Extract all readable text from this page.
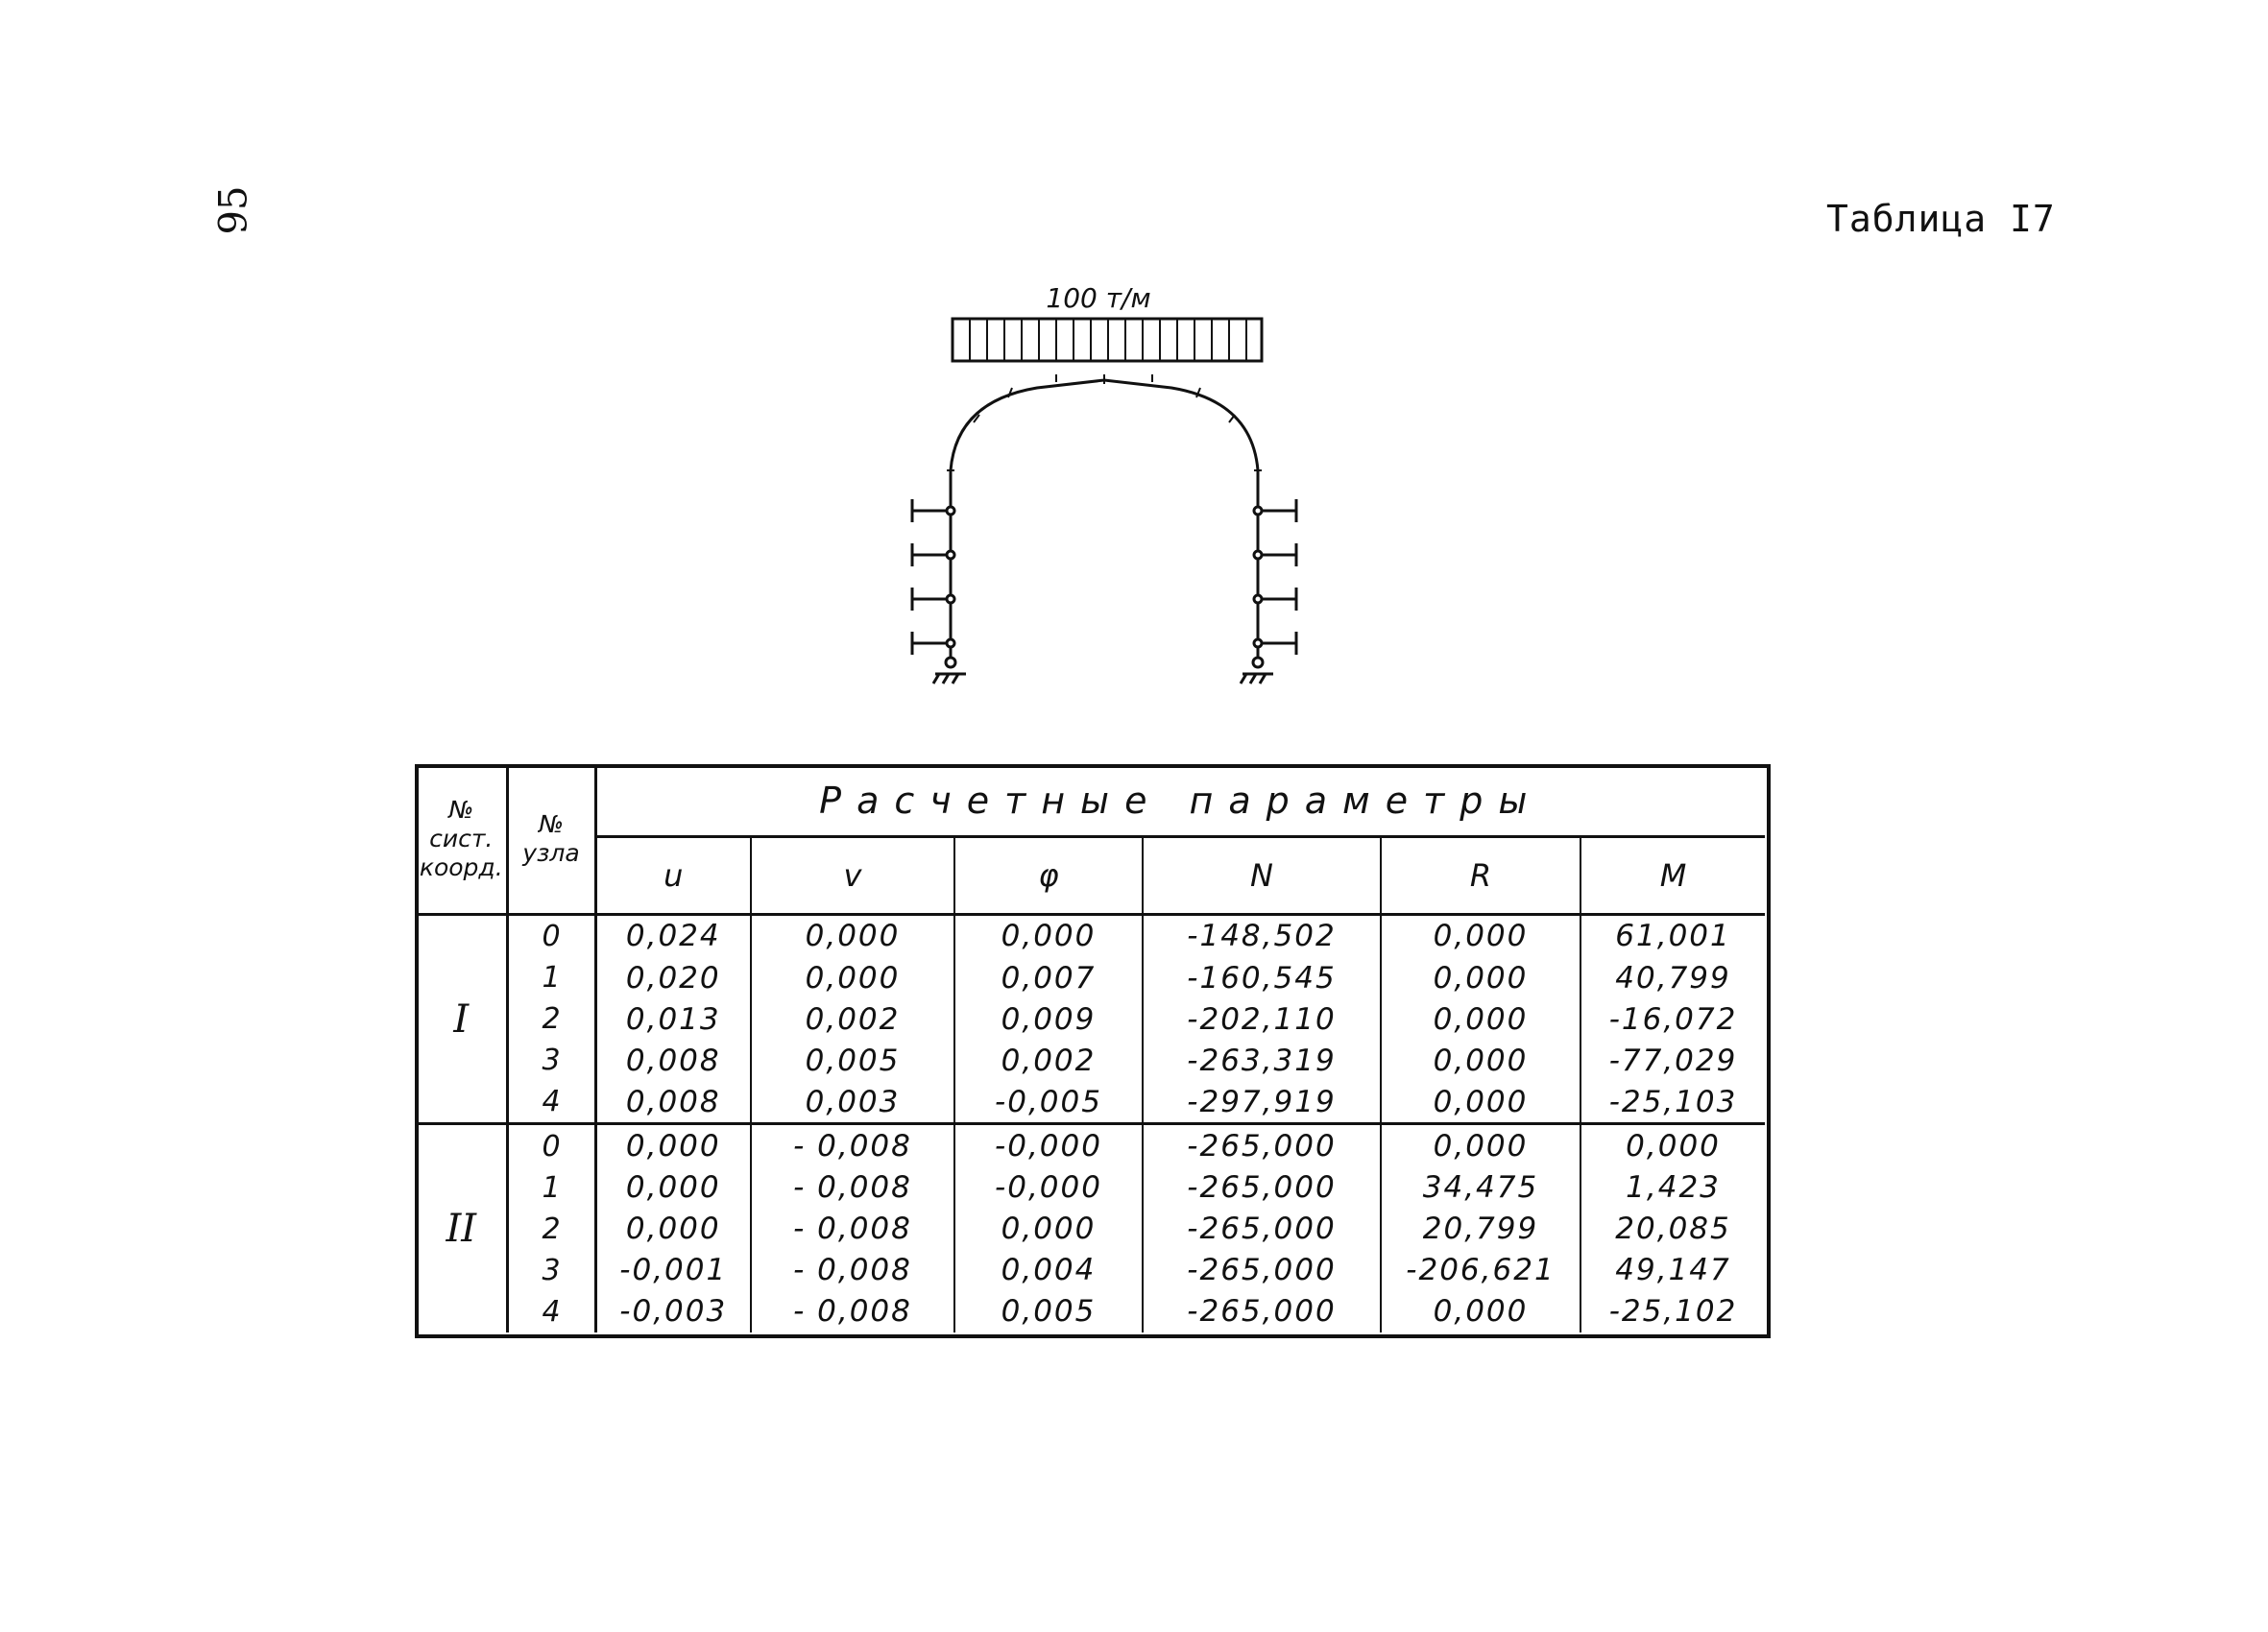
95	Таблица I7
100 т/м
№ сист. коорд.	№ узла	Расчетные параметры					
		u	v	φ	N	R	M
I	0	0,024	0,000	0,000	-148,502	0,000	61,001
	1	0,020	0,000	0,007	-160,545	0,000	40,799
	2	0,013	0,002	0,009	-202,110	0,000	-16,072
	3	0,008	0,005	0,002	-263,319	0,000	-77,029
	4	0,008	0,003	-0,005	-297,919	0,000	-25,103
II	0	0,000	- 0,008	-0,000	-265,000	0,000	0,000
	1	0,000	- 0,008	-0,000	-265,000	34,475	1,423
	2	0,000	- 0,008	0,000	-265,000	20,799	20,085
	3	-0,001	- 0,008	0,004	-265,000	-206,621	49,147
	4	-0,003	- 0,008	0,005	-265,000	0,000	-25,102
